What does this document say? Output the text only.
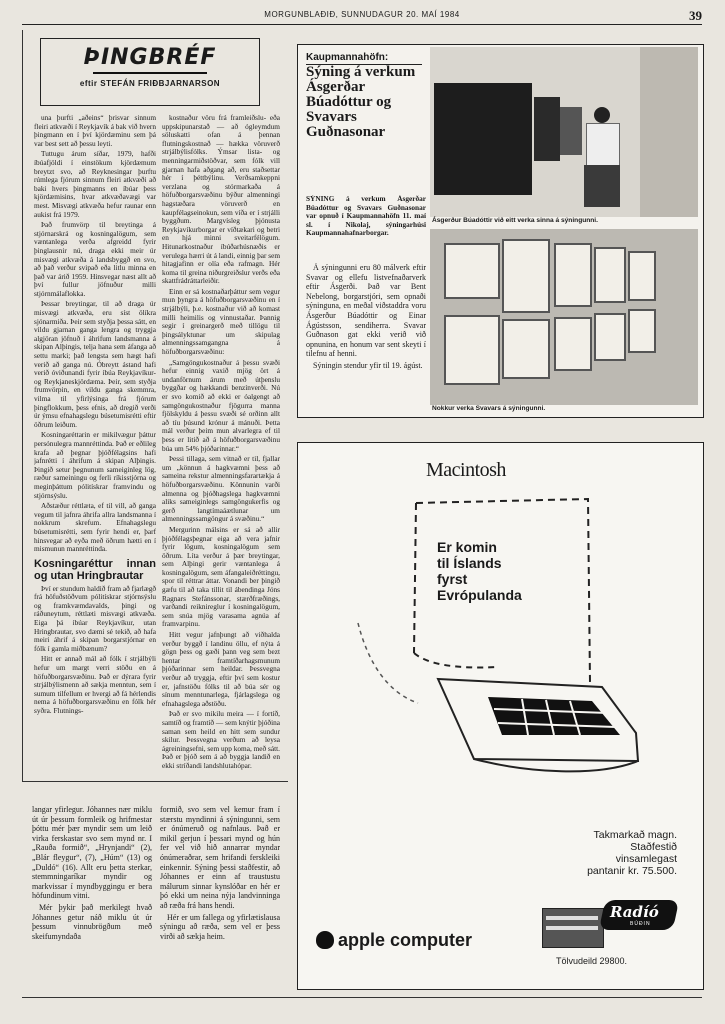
MORGUNBLAÐIÐ, SUNNUDAGUR 20. MAÍ 1984	39
ÞINGBRÉF
eftir STEFÁN FRIÐBJARNARSON

una þurfti „aðeins“ þrisvar sinnum fleiri atkvæði í Reykjavík á bak við hvern þingmann en í því kjördæminu sem þá var best sett að þessu leyti.

Tuttugu árum síðar, 1979, hafði íbúafjöldi í einstökum kjördæmum breytzt svo, að Reyknesingar þurftu rúmlega fjórum sinnum fleiri atkvæði að baki hvers þingmanns en íbúar þess kjördæmisins, hvar atkvæðavægi var mest. Misvægi atkvæða hefur raunar enn aukist frá 1979.

Það frumvörp til breytinga á stjórnarskrá og kosningalögum, sem væntanlega verða afgreidd fyrir þinglausnir nú, draga ekki meir úr misvægi atkvæða á landsbyggð en svo, að það verður svipað eða litlu minna en það var árið 1959. Hinsvegar næst allt að því fullur jöfnuður milli stjórnmálaflokka.

Þessar breytingar, til að draga úr misvægi atkvæða, eru síst ölíkra sjónarmiða. Þeir sem styðja þessa sátt, en vildu gjarnan ganga lengra og tryggja algjöran jöfnuð í áhrifum landsmanna á skipan Alþingis, telja hana sem áfanga að settu marki; það lengsta sem hægt hafi verið að ganga nú. Óbreytt ástand hafi verið óviðunandi fyrir íbúa Reykjavíkur- og Reykjaneskjördæma. Þeir, sem styðja frumvörpin, en vildu ganga skemmra, vilma til yfirlýsinga frá fjórum þingflokkum, þess efnis, að dregið verði úr ýmsu efnahagslegu búsetumisrétti eftir öðrum leiðum.

Kosningaréttarin er mikilvægur þáttur persónulegra mannréttinda. Það er eðlileg krafa að þegnar þjóðfélagsins hafi jafnrétti í áhrifum á skipan Alþingis. Þingið setur þegnunum sameiginleg lög, ræður sameiningu og ferli ríkisstjórna og meginþáttum pólitískrar framvindu og stjórnsýslu.

Aðstæður réttlæta, ef til vill, að ganga vegum til jafnra áhrifa allra landsmanna í nokkrum skrefum. Efnahagslegu búsetumisrétti, sem fyrir hendi er, þarf hinsvegar að eyða með öðrum hætti en í mismunun mannréttinda.

Kosningaréttur innan og utan Hringbrautar

Því er stundum haldið fram að fjarlægð frá höfuðstöðvum pólitískrar stjórnsýslu og framkvæmdavalds, þingi og ráðuneytum, réttlæti misvægi atkvæða. Eiga þá íbúar Reykjavíkur, utan Hringbrautar, svo dæmi sé tekið, að hafa meiri áhrif á skipan borgarstjórnar en fólk í gamla miðbænum?

Hitt er annað mál að fólk í strjálbýli hefur um margt verri stöðu en á höfuðborgarsvæðinu. Það er dýrara fyrir strjálbýlismenn að sækja menntun, sem í sumum tilfellum er hvergi að fá hérlendis nema á höfuðborgarsvæðinu en fólk hér syðra. Flutnings-

kostnaður vöru frá framleiðslu- eða uppskipunarstað — að ógleymdum söluskatti ofan á þennan flutningskostnað — hækka vöruverð strjálbýlisfólks. Ýmsar lista- og menningarmiðstöðvar, sem fólk vill gjarnan hafa aðgang að, eru staðsettar hér í þéttbýlinu. Verðsamkeppni verzlana og stórmarkaða á höfuðborgarsvæðinu býður almenningi hagstæðara vöruverð en kaupfélagseinokun, sem víða er í strjálli byggðum. Margvísleg þjónusta Reykjavíkurborgar er víðtækari og betri en hjá minni sveitarfélögum. Hitunarkostnaður íbúðarhúsnæðis er verulega hærri út á landi, einnig þar sem hitagjafinn er olía eða rafmagn. Hér koma til greina niðurgreiðslur verðs eða skattfrádráttarleiðir.

Einn er sá kostnaðarþáttur sem vegur mun þyngra á höfuðborgarsvæðinu en í strjálbýli, þ.e. kostnaður við að komast milli heimilis og vinnustaðar. Þannig segir í greinargerð með tillögu til þingsályktunar um skipulag almenningssamgangna á höfuðborgarsvæðinu:

„Samgöngukostnaður á þessu svæði hefur einnig vaxið mjög ört á undanförnum árum með útþenslu byggðar og hækkandi benzínverði. Nú er svo komið að ekki er óalgengt að samgöngukostnaður fjögurra manna fjölskyldu á þessu svæði sé orðinn allt að tíu þúsund krónur á mánuði. Þetta mál verður þeim mun alvarlegra ef til þess er litið að á höfuðborgarsvæðinu búa um 54% þjóðarinnar.“

Þessi tillaga, sem vitnað er til, fjallar um „könnun á hagkvæmni þess að sameina rekstur almenningsfarartækja á höfuðborgarsvæðinu. Könnunin varði almenna og þjóðhagslega hagkvæmni aliks sameiginlegs samgöngukerfis og gerð langtímaáætlunar um almenningssamgöngur á svæðinu.“

Mergurinn málsins er sá að allir þjóðfélagsþegnar eiga að vera jafnir fyrir lögum, kosningalögum sem öðrum. Líta verður á þær breytingar, sem Alþingi gerir væntanlega á kosningalögum, sem áfangaleiðréttingu, spor til réttrar áttar. Vonandi ber þingið gæfu til að taka tillit til ábendinga Jóns Ragnars Stefánssonar, stærðfræðings, varðandi reiknireglur í kosningalögum, sem snúa mjög varasama agnúa af framvarpinu.

Hitt vegur jafnþungt að viðhalda verður byggð í landinu öllu, ef nýta á gögn þess og gæði þann veg sem bezt hentar framtíðarhagsmunum þjóðarinnar sem heildar. Þessvegna verður að tryggja, eftir því sem kostur er, jafnstöðu fólks til að búa sér og sínum menntunarlega, fjárlagslega og efnahagslega aðstöðu.

Það er svo mikilu meira — í fortíð, samtíð og framtíð — sem knýtir þjóðina saman sem heild en hitt sem sundur skilur. Þessvegna verðum að leysa ágreiningsefni, sem upp koma, með sátt. Það er þjóð sem á að byggja landið en ekki stríðandi landshlutahópar.

Kaupmannahöfn:
Sýning á verkum Ásgerðar Búadóttur og Svavars Guðnasonar

SÝNING á verkum Ásgerðar Búadóttur og Svavars Guðnasonar var opnuð í Kaupmannahöfn 11. maí sl. í Nikolaj, sýningarhúsi Kaupmannahafnarborgar.

Á sýningunni eru 80 málverk eftir Svavar og ellefu listvefnaðarverk eftir Ásgerði. Það var Bent Nebelong, borgarstjóri, sem opnaði sýninguna, en meðal viðstaddra voru Ásgerður Búadóttir og Einar Ágústsson, sendiherra. Svavar Guðnason gat ekki verið við opnunina, en honum var sent skeyti í tilefnu af henni.

Sýningin stendur yfir til 19. ágúst.

Ásgerður Búadóttir við eitt verka sinna á sýningunni.
Nokkur verka Svavars á sýningunni.
Macintosh
Er komin
til Íslands
fyrst
Evrópulanda
Takmarkað magn.
Staðfestið
vinsamlegast
pantanir kr. 75.500.
Radíó
BÚÐIN
apple computer
Tölvudeild 29800.

langar yfirlegur. Jóhannes nær miklu út úr þessum formleik og hrifmestar þóttu mér þær myndir sem um leið virka ferskastar svo sem mynd nr. I „Rauða formið“, „Hrynjandi“ (2), „Blár fleygur“, (7), „Húm“ (13) og „Duldó“ (16). Allt eru þetta sterkar, stemmningaríkar myndir og markvissar í myndbyggingu er bera höfundinum vitni.

Mér þykir það merkilegt hvað Jóhannes getur náð miklu út úr þessum vinnubrögðum með skeifumyndaða

formið, svo sem vel kemur fram í stærstu myndinni á sýningunni, sem er ónúmeruð og nafnlaus. Það er mikil gerjun í þessari mynd og hún fer vel við hið annarrar myndar ónúmeraðrar, sem hrifandi ferskleiki einkennir. Sýning þessi staðfestir, að Jóhannes er einn af traustustu málurum sinnar kynslóðar en hér er þó ekki um neina nýja landvinninga að ræða frá hans hendi.

Hér er um fallega og yfirlætislausa sýningu að ræða, sem vel er þess virði að sækja heim.
